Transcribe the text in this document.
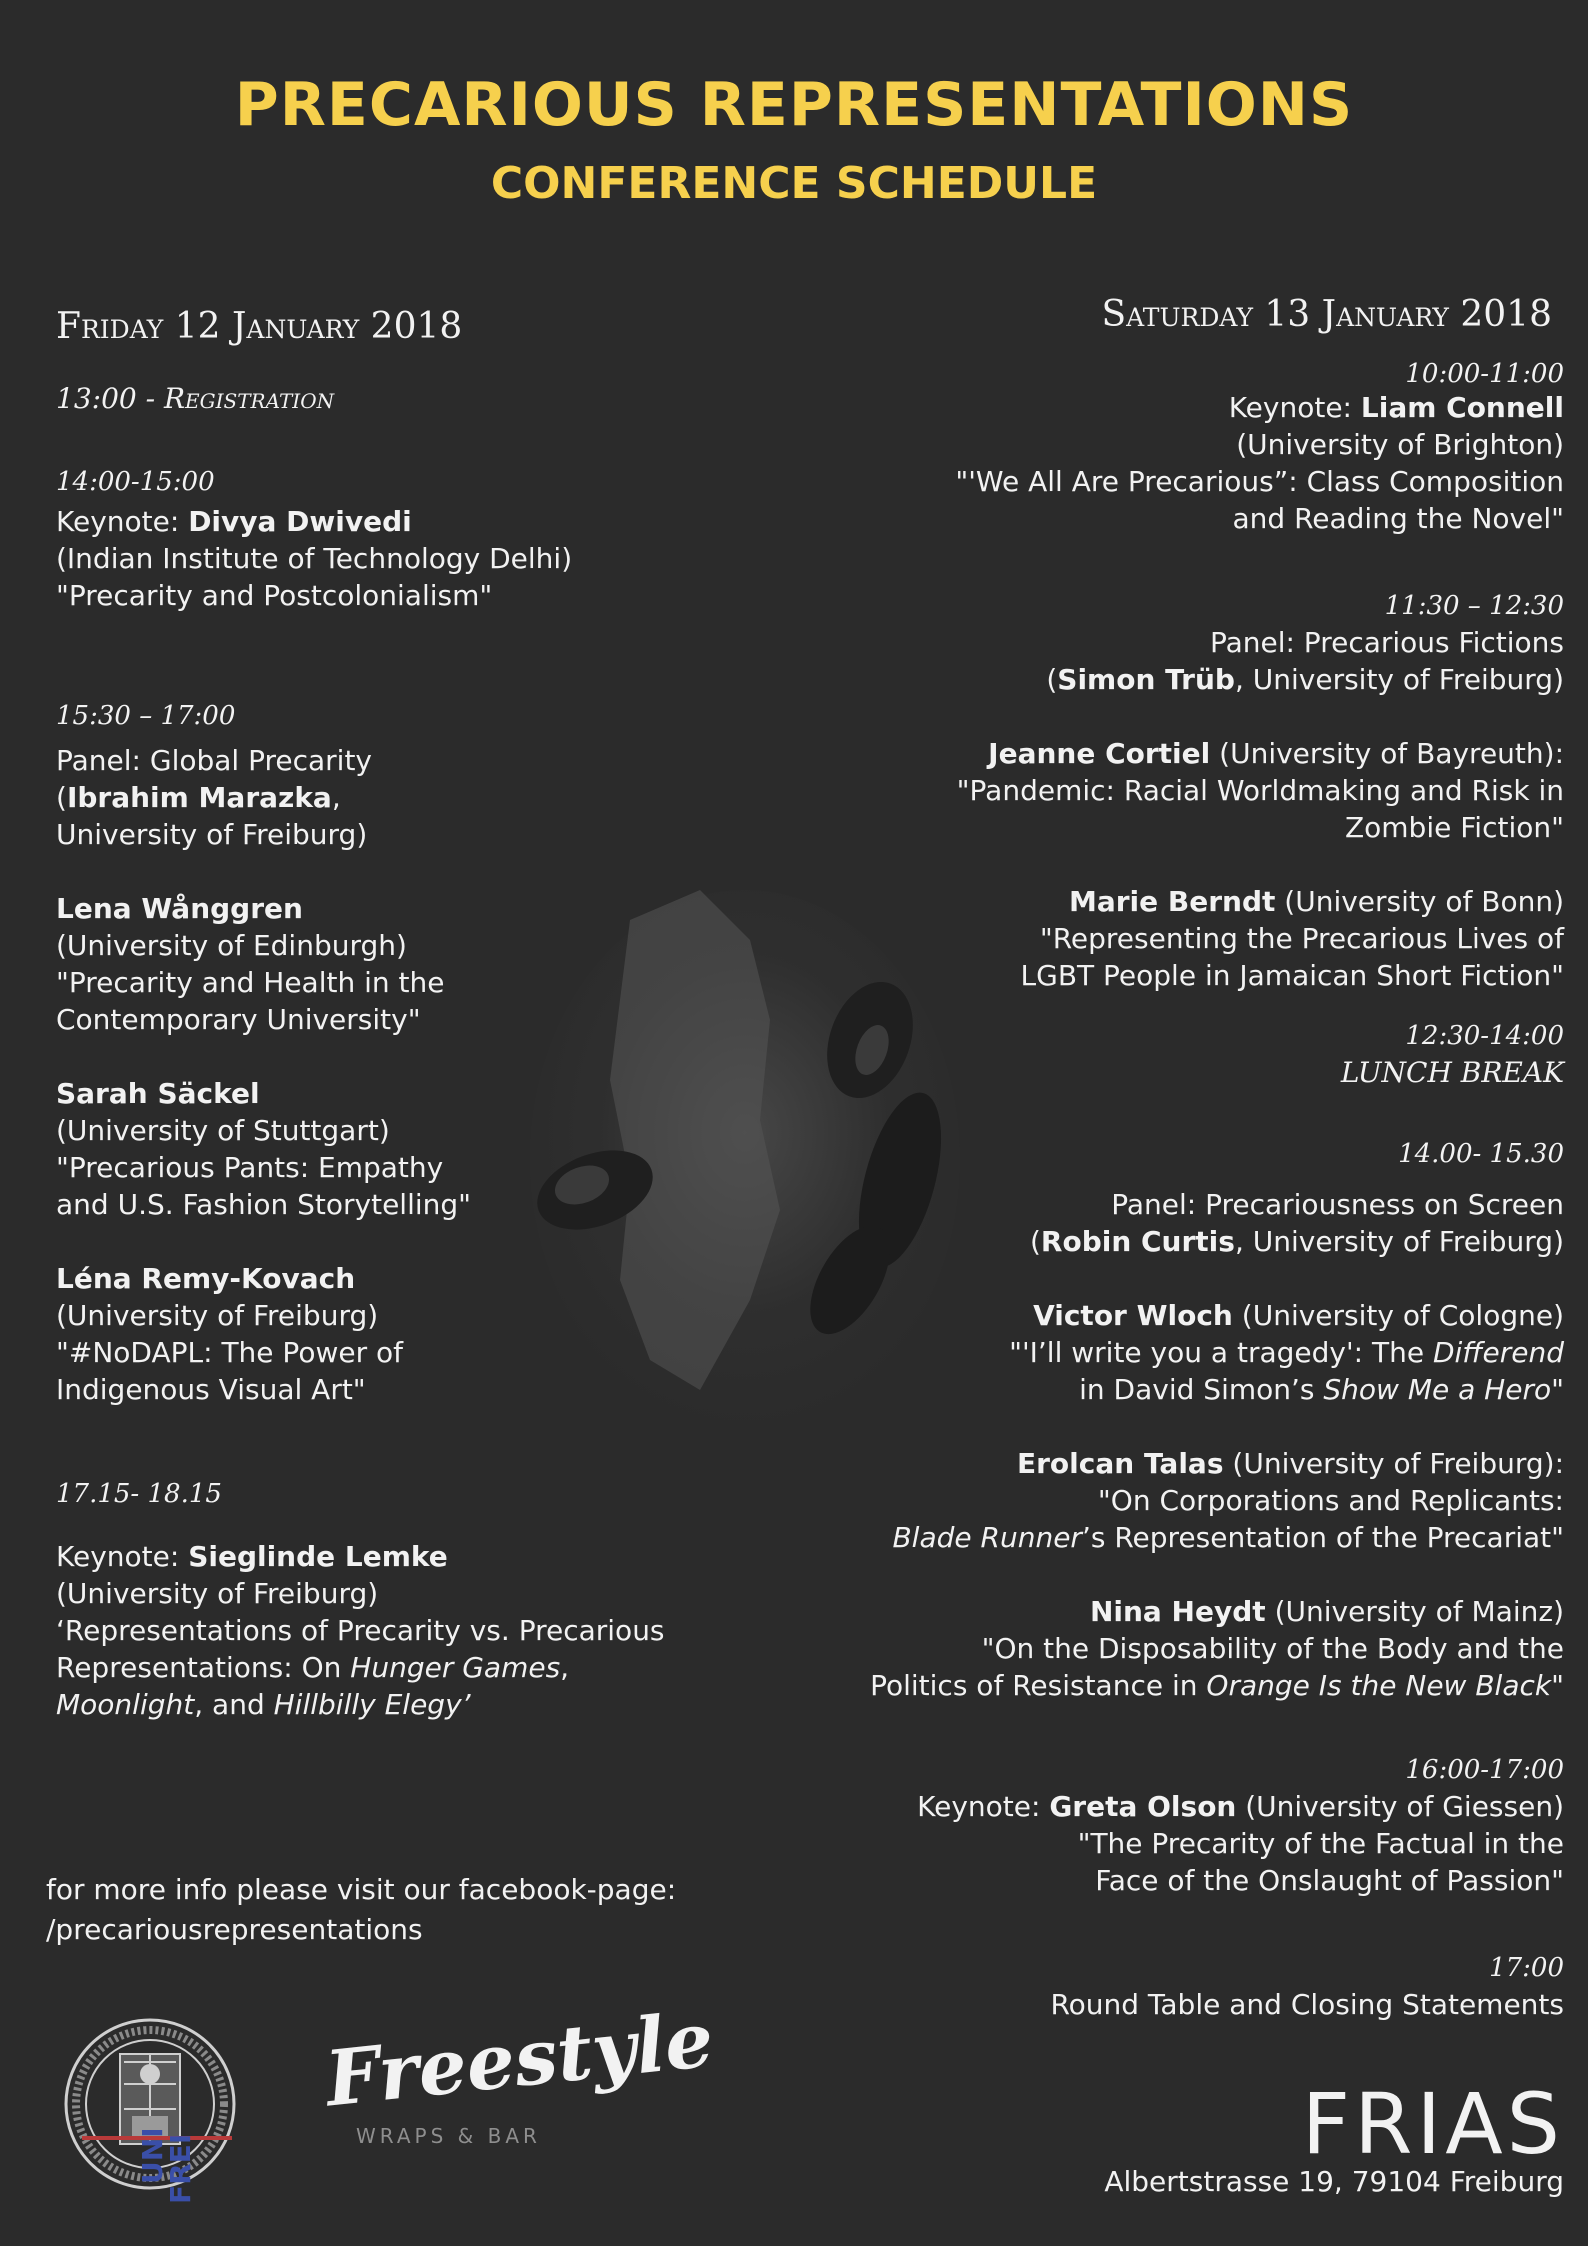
PRECARIOUS REPRESENTATIONS
CONFERENCE SCHEDULE
Friday 12 January 2018
13:00 - Registration
14:00-15:00
Keynote: Divya Dwivedi
(Indian Institute of Technology Delhi)
"Precarity and Postcolonialism"
15:30 – 17:00
Panel: Global Precarity
(Ibrahim Marazka,
University of Freiburg)
Lena Wånggren
(University of Edinburgh)
"Precarity and Health in the
Contemporary University"
Sarah Säckel
(University of Stuttgart)
"Precarious Pants: Empathy
and U.S. Fashion Storytelling"
Léna Remy-Kovach
(University of Freiburg)
"#NoDAPL: The Power of
Indigenous Visual Art"
17.15- 18.15
Keynote: Sieglinde Lemke
(University of Freiburg)
‘Representations of Precarity vs. Precarious
Representations: On Hunger Games,
Moonlight, and Hillbilly Elegy’
Saturday 13 January 2018
10:00-11:00
Keynote: Liam Connell
(University of Brighton)
"'We All Are Precarious”: Class Composition
and Reading the Novel"
11:30 – 12:30
Panel: Precarious Fictions
(Simon Trüb, University of Freiburg)
Jeanne Cortiel (University of Bayreuth):
"Pandemic: Racial Worldmaking and Risk in
Zombie Fiction"
Marie Berndt (University of Bonn)
"Representing the Precarious Lives of
LGBT People in Jamaican Short Fiction"
12:30-14:00
LUNCH BREAK
14.00- 15.30
Panel: Precariousness on Screen
(Robin Curtis, University of Freiburg)
Victor Wloch (University of Cologne)
"'I’ll write you a tragedy': The Differend
in David Simon’s Show Me a Hero"
Erolcan Talas (University of Freiburg):
"On Corporations and Replicants:
Blade Runner’s Representation of the Precariat"
Nina Heydt (University of Mainz)
"On the Disposability of the Body and the
Politics of Resistance in Orange Is the New Black"
16:00-17:00
Keynote: Greta Olson (University of Giessen)
"The Precarity of the Factual in the
Face of the Onslaught of Passion"
17:00
Round Table and Closing Statements
for more info please visit our facebook-page:
/precariousrepresentations
UNI
FREI
Freestyle
WRAPS & BAR	FRIAS
Albertstrasse 19, 79104 Freiburg
